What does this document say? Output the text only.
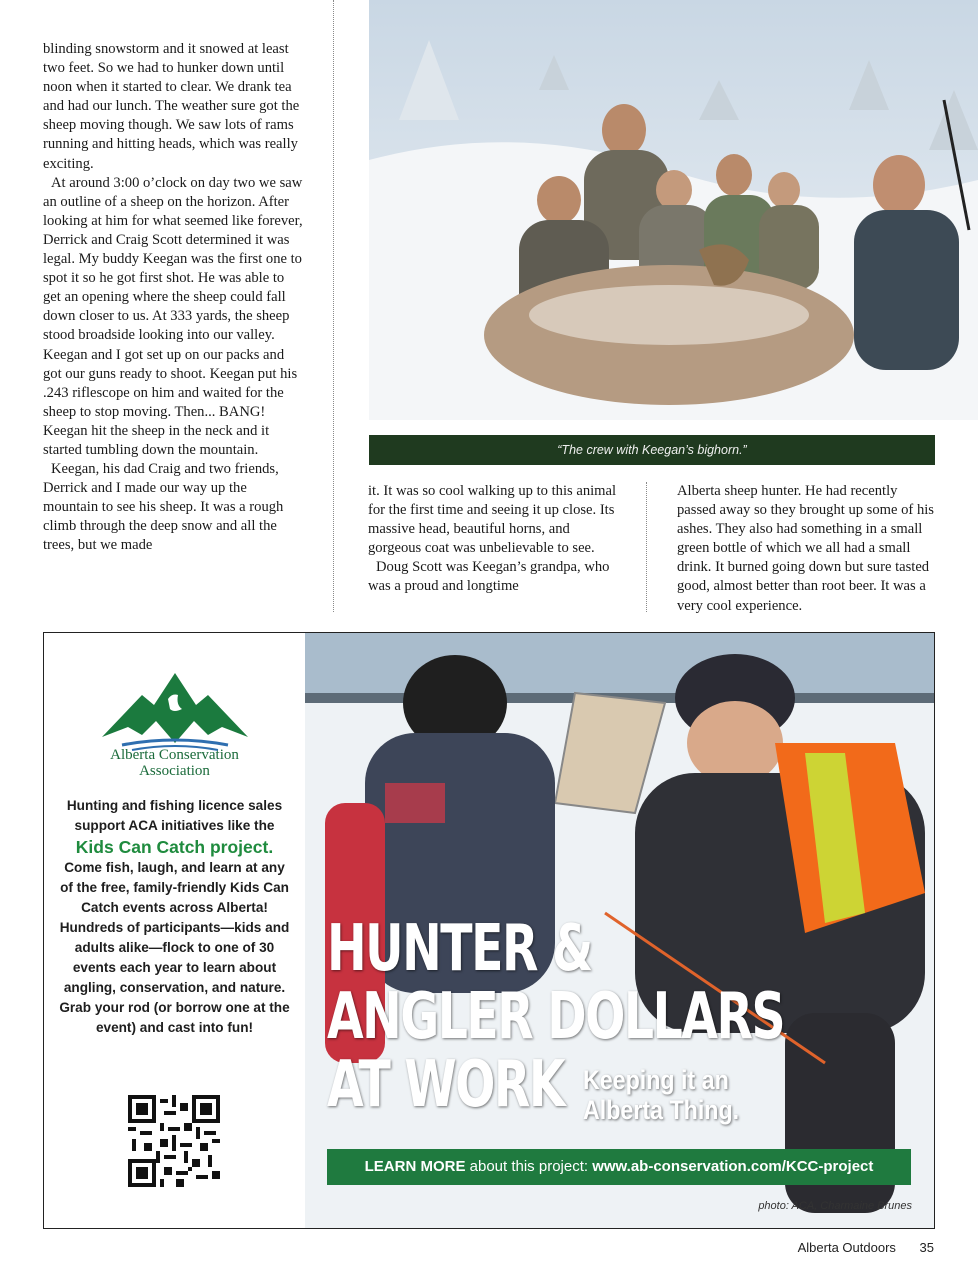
blinding snowstorm and it snowed at least two feet. So we had to hunker down until noon when it started to clear. We drank tea and had our lunch. The weather sure got the sheep moving though. We saw lots of rams running and hitting heads, which was really exciting.

At around 3:00 o’clock on day two we saw an outline of a sheep on the horizon. After looking at him for what seemed like forever, Derrick and Craig Scott determined it was legal. My buddy Keegan was the first one to spot it so he got first shot. He was able to get an opening where the sheep could fall down closer to us. At 333 yards, the sheep stood broadside looking into our valley. Keegan and I got set up on our packs and got our guns ready to shoot. Keegan put his .243 riflescope on him and waited for the sheep to stop moving. Then... BANG! Keegan hit the sheep in the neck and it started tumbling down the mountain.

Keegan, his dad Craig and two friends, Derrick and I made our way up the mountain to see his sheep. It was a rough climb through the deep snow and all the trees, but we made

“The crew with Keegan’s bighorn.”

it. It was so cool walking up to this animal for the first time and seeing it up close. Its massive head, beautiful horns, and gorgeous coat was unbelievable to see.

Doug Scott was Keegan’s grandpa, who was a proud and longtime

Alberta sheep hunter. He had recently passed away so they brought up some of his ashes. They also had something in a small green bottle of which we all had a small drink. It burned going down but sure tasted good, almost better than root beer. It was a very cool experience.

Alberta Conservation
Association
Hunting and fishing licence sales support ACA initiatives like the
Kids Can Catch project.
Come fish, laugh, and learn at any of the free, family-friendly Kids Can Catch events across Alberta! Hundreds of participants—kids and adults alike—flock to one of 30 events each year to learn about angling, conservation, and nature. Grab your rod (or borrow one at the event) and cast into fun!
HUNTER &
ANGLER DOLLARS
AT WORK Keeping it an
Alberta Thing.
LEARN MORE about this project: www.ab-conservation.com/KCC-project
photo: ACA, Charmaine Brunes
Alberta Outdoors 35
